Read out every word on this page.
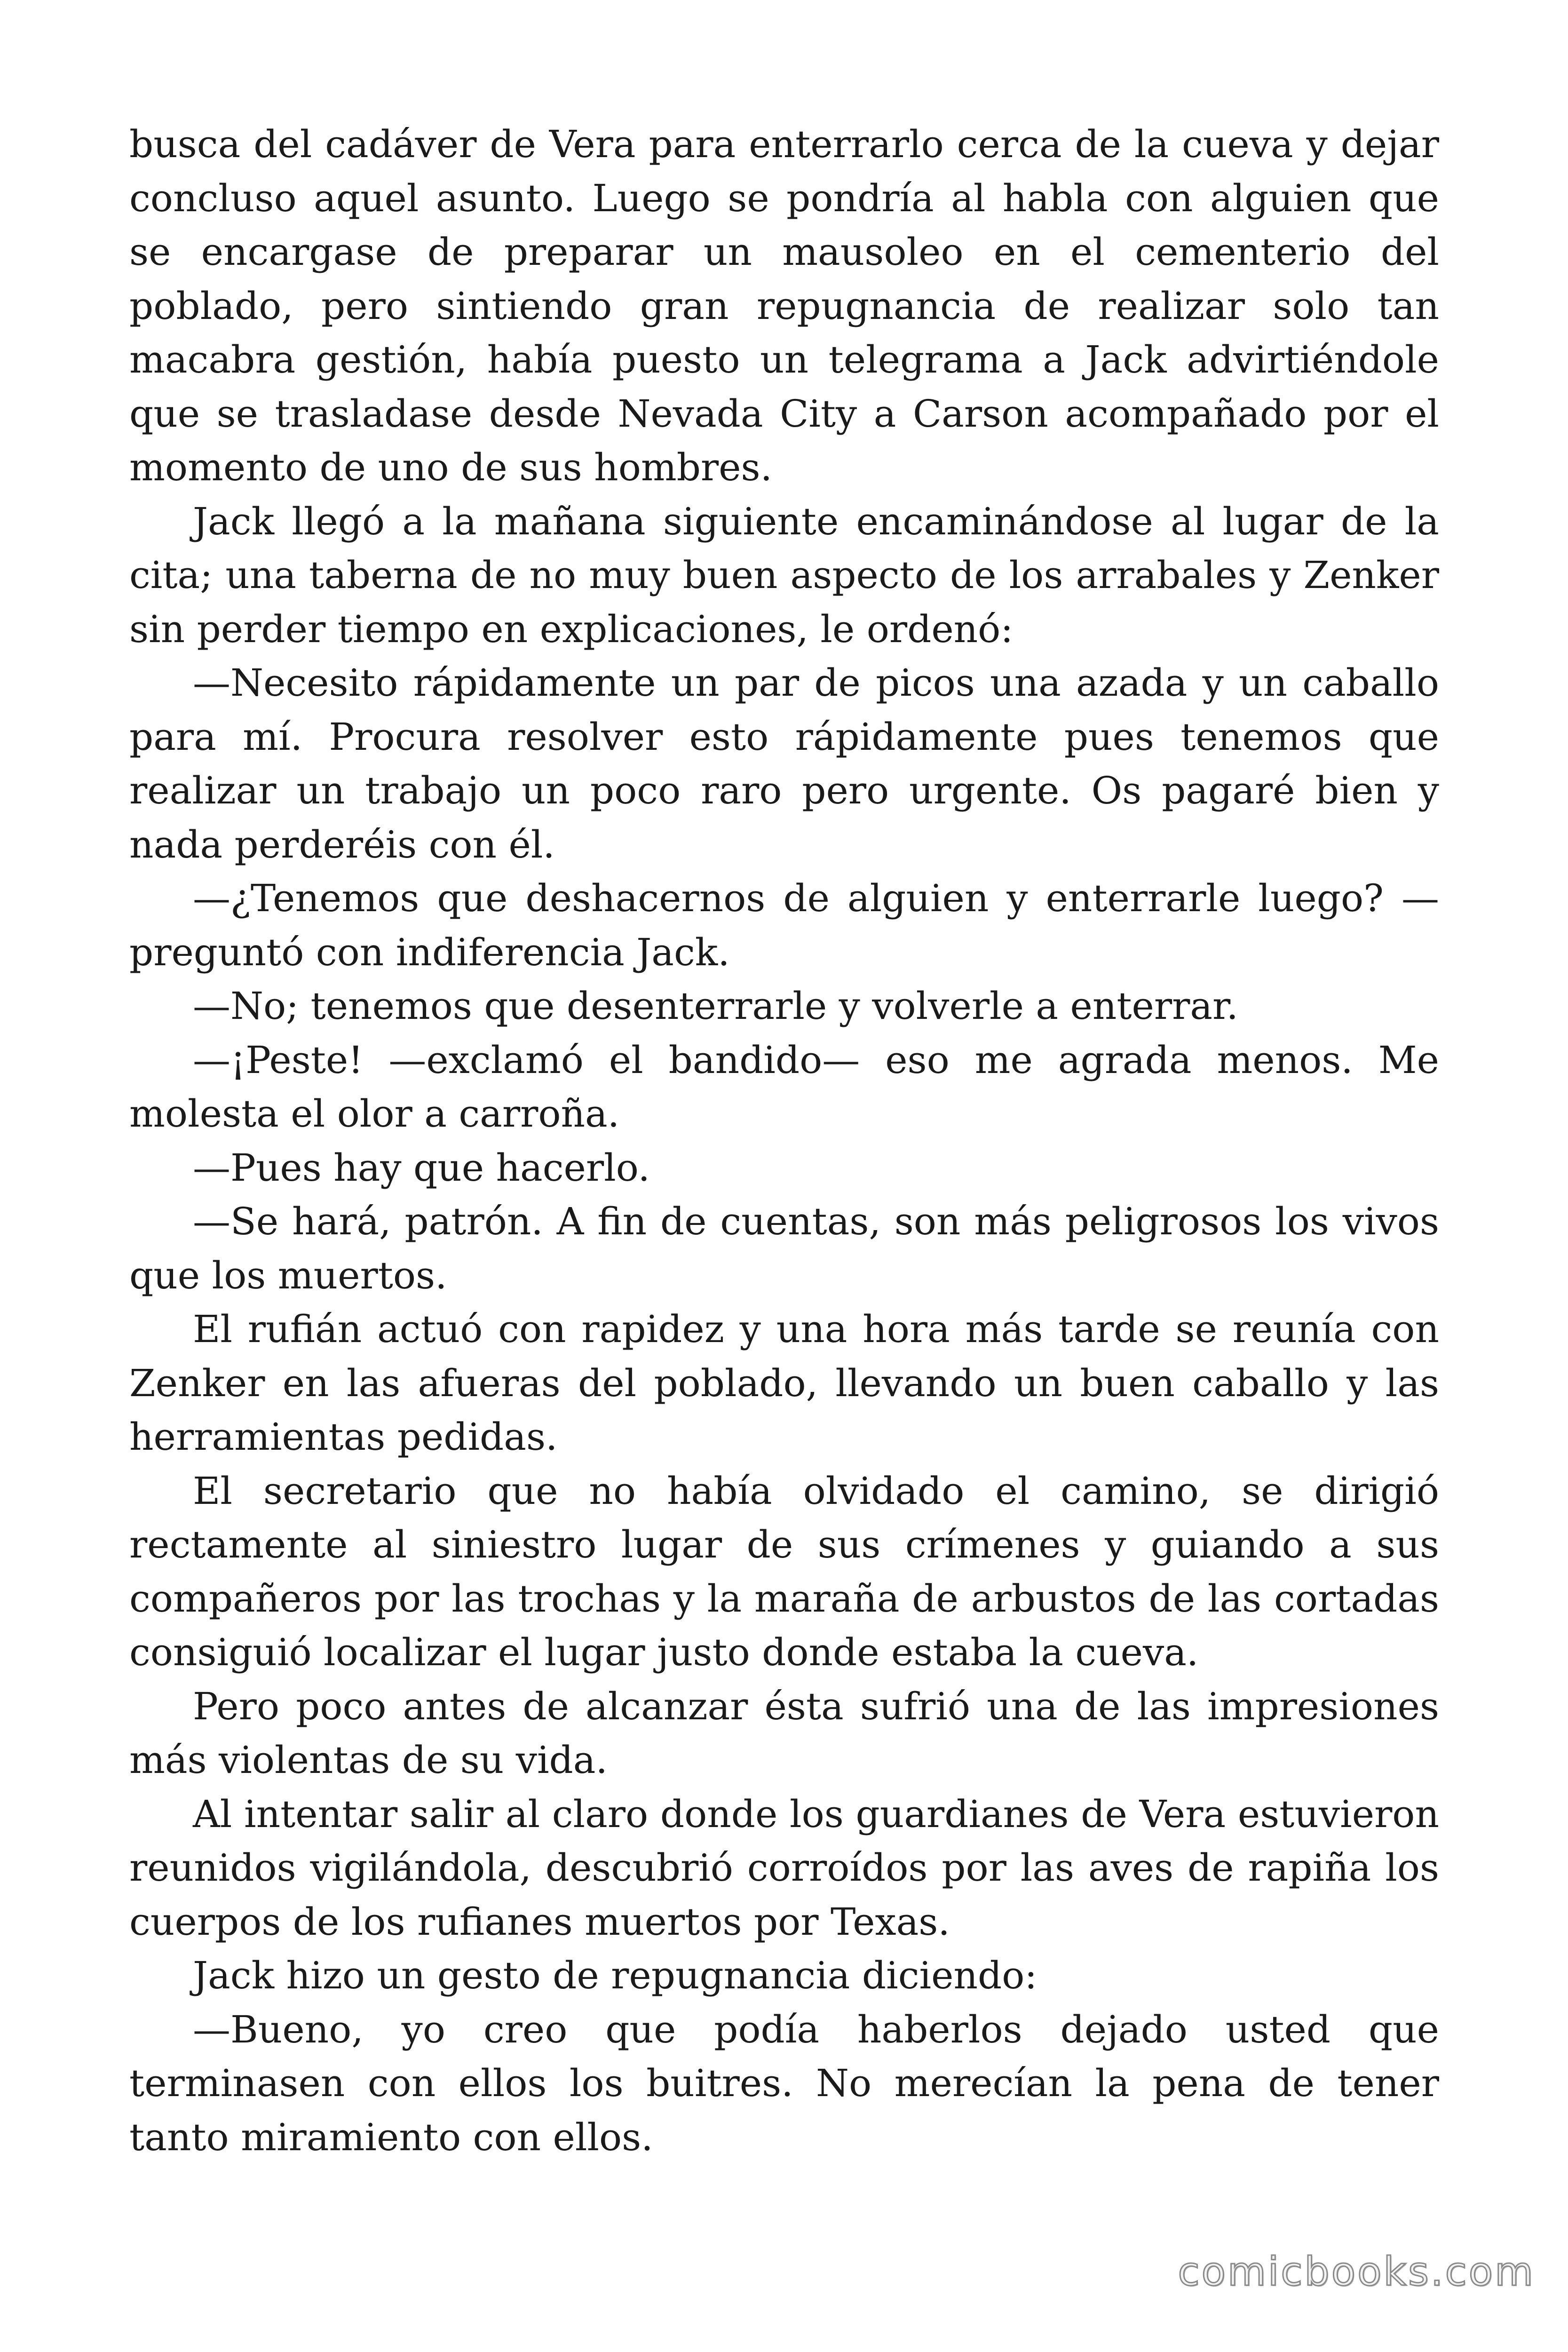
busca del cadáver de Vera para enterrarlo cerca de la cueva y dejar concluso aquel asunto. Luego se pondría al habla con alguien que se encargase de preparar un mausoleo en el cementerio del poblado, pero sintiendo gran repugnancia de realizar solo tan macabra gestión, había puesto un telegrama a Jack advirtiéndole que se trasladase desde Nevada City a Carson acompañado por el momento de uno de sus hombres.

Jack llegó a la mañana siguiente encaminándose al lugar de la cita; una taberna de no muy buen aspecto de los arrabales y Zenker sin perder tiempo en explicaciones, le ordenó:

—Necesito rápidamente un par de picos una azada y un caballo para mí. Procura resolver esto rápidamente pues tenemos que realizar un trabajo un poco raro pero urgente. Os pagaré bien y nada perderéis con él.

—¿Tenemos que deshacernos de alguien y enterrarle luego? —preguntó con indiferencia Jack.

—No; tenemos que desenterrarle y volverle a enterrar.

—¡Peste! —exclamó el bandido— eso me agrada menos. Me molesta el olor a carroña.

—Pues hay que hacerlo.

—Se hará, patrón. A fin de cuentas, son más peligrosos los vivos que los muertos.

El rufián actuó con rapidez y una hora más tarde se reunía con Zenker en las afueras del poblado, llevando un buen caballo y las herramientas pedidas.

El secretario que no había olvidado el camino, se dirigió rectamente al siniestro lugar de sus crímenes y guiando a sus compañeros por las trochas y la maraña de arbustos de las cortadas consiguió localizar el lugar justo donde estaba la cueva.

Pero poco antes de alcanzar ésta sufrió una de las impresiones más violentas de su vida.

Al intentar salir al claro donde los guardianes de Vera estuvieron reunidos vigilándola, descubrió corroídos por las aves de rapiña los cuerpos de los rufianes muertos por Texas.

Jack hizo un gesto de repugnancia diciendo:

—Bueno, yo creo que podía haberlos dejado usted que terminasen con ellos los buitres. No merecían la pena de tener tanto miramiento con ellos.

comicbooks.com
